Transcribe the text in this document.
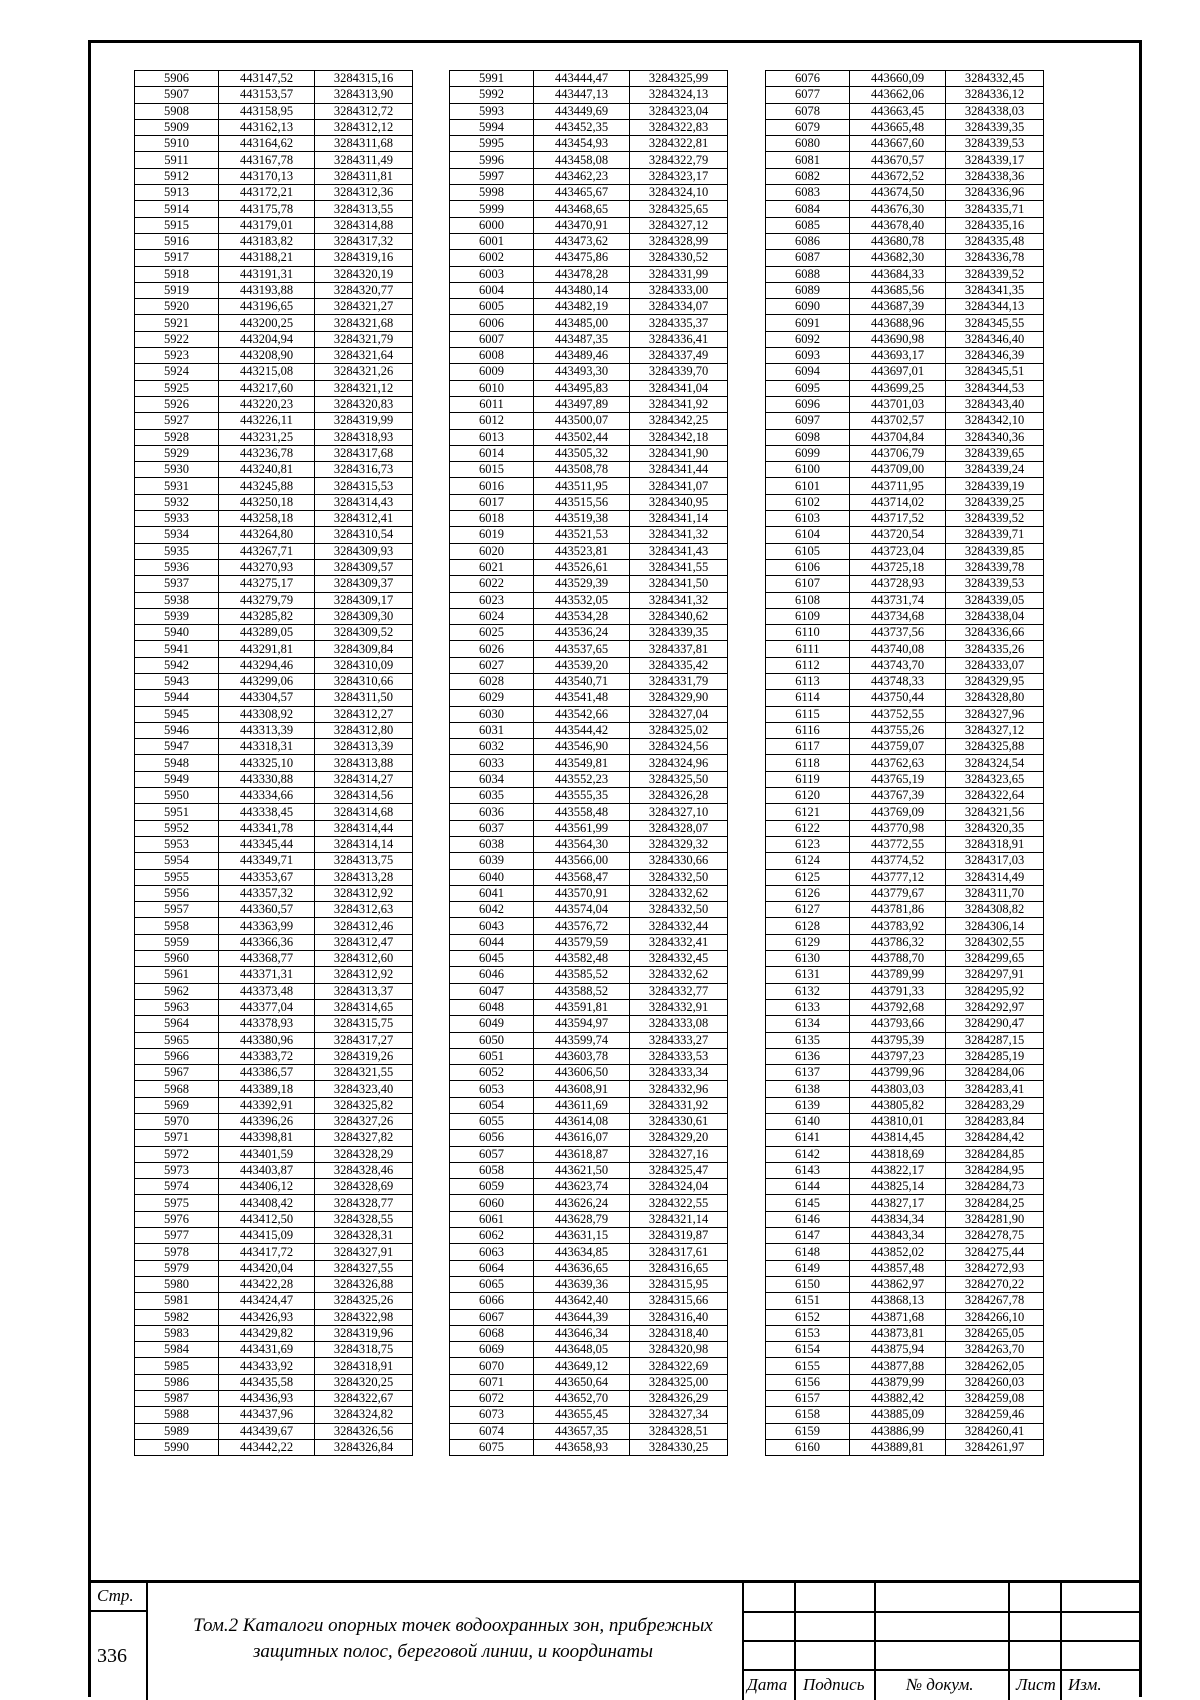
5906	443147,52	3284315,16
5907	443153,57	3284313,90
5908	443158,95	3284312,72
5909	443162,13	3284312,12
5910	443164,62	3284311,68
5911	443167,78	3284311,49
5912	443170,13	3284311,81
5913	443172,21	3284312,36
5914	443175,78	3284313,55
5915	443179,01	3284314,88
5916	443183,82	3284317,32
5917	443188,21	3284319,16
5918	443191,31	3284320,19
5919	443193,88	3284320,77
5920	443196,65	3284321,27
5921	443200,25	3284321,68
5922	443204,94	3284321,79
5923	443208,90	3284321,64
5924	443215,08	3284321,26
5925	443217,60	3284321,12
5926	443220,23	3284320,83
5927	443226,11	3284319,99
5928	443231,25	3284318,93
5929	443236,78	3284317,68
5930	443240,81	3284316,73
5931	443245,88	3284315,53
5932	443250,18	3284314,43
5933	443258,18	3284312,41
5934	443264,80	3284310,54
5935	443267,71	3284309,93
5936	443270,93	3284309,57
5937	443275,17	3284309,37
5938	443279,79	3284309,17
5939	443285,82	3284309,30
5940	443289,05	3284309,52
5941	443291,81	3284309,84
5942	443294,46	3284310,09
5943	443299,06	3284310,66
5944	443304,57	3284311,50
5945	443308,92	3284312,27
5946	443313,39	3284312,80
5947	443318,31	3284313,39
5948	443325,10	3284313,88
5949	443330,88	3284314,27
5950	443334,66	3284314,56
5951	443338,45	3284314,68
5952	443341,78	3284314,44
5953	443345,44	3284314,14
5954	443349,71	3284313,75
5955	443353,67	3284313,28
5956	443357,32	3284312,92
5957	443360,57	3284312,63
5958	443363,99	3284312,46
5959	443366,36	3284312,47
5960	443368,77	3284312,60
5961	443371,31	3284312,92
5962	443373,48	3284313,37
5963	443377,04	3284314,65
5964	443378,93	3284315,75
5965	443380,96	3284317,27
5966	443383,72	3284319,26
5967	443386,57	3284321,55
5968	443389,18	3284323,40
5969	443392,91	3284325,82
5970	443396,26	3284327,26
5971	443398,81	3284327,82
5972	443401,59	3284328,29
5973	443403,87	3284328,46
5974	443406,12	3284328,69
5975	443408,42	3284328,77
5976	443412,50	3284328,55
5977	443415,09	3284328,31
5978	443417,72	3284327,91
5979	443420,04	3284327,55
5980	443422,28	3284326,88
5981	443424,47	3284325,26
5982	443426,93	3284322,98
5983	443429,82	3284319,96
5984	443431,69	3284318,75
5985	443433,92	3284318,91
5986	443435,58	3284320,25
5987	443436,93	3284322,67
5988	443437,96	3284324,82
5989	443439,67	3284326,56
5990	443442,22	3284326,84
5991	443444,47	3284325,99
5992	443447,13	3284324,13
5993	443449,69	3284323,04
5994	443452,35	3284322,83
5995	443454,93	3284322,81
5996	443458,08	3284322,79
5997	443462,23	3284323,17
5998	443465,67	3284324,10
5999	443468,65	3284325,65
6000	443470,91	3284327,12
6001	443473,62	3284328,99
6002	443475,86	3284330,52
6003	443478,28	3284331,99
6004	443480,14	3284333,00
6005	443482,19	3284334,07
6006	443485,00	3284335,37
6007	443487,35	3284336,41
6008	443489,46	3284337,49
6009	443493,30	3284339,70
6010	443495,83	3284341,04
6011	443497,89	3284341,92
6012	443500,07	3284342,25
6013	443502,44	3284342,18
6014	443505,32	3284341,90
6015	443508,78	3284341,44
6016	443511,95	3284341,07
6017	443515,56	3284340,95
6018	443519,38	3284341,14
6019	443521,53	3284341,32
6020	443523,81	3284341,43
6021	443526,61	3284341,55
6022	443529,39	3284341,50
6023	443532,05	3284341,32
6024	443534,28	3284340,62
6025	443536,24	3284339,35
6026	443537,65	3284337,81
6027	443539,20	3284335,42
6028	443540,71	3284331,79
6029	443541,48	3284329,90
6030	443542,66	3284327,04
6031	443544,42	3284325,02
6032	443546,90	3284324,56
6033	443549,81	3284324,96
6034	443552,23	3284325,50
6035	443555,35	3284326,28
6036	443558,48	3284327,10
6037	443561,99	3284328,07
6038	443564,30	3284329,32
6039	443566,00	3284330,66
6040	443568,47	3284332,50
6041	443570,91	3284332,62
6042	443574,04	3284332,50
6043	443576,72	3284332,44
6044	443579,59	3284332,41
6045	443582,48	3284332,45
6046	443585,52	3284332,62
6047	443588,52	3284332,77
6048	443591,81	3284332,91
6049	443594,97	3284333,08
6050	443599,74	3284333,27
6051	443603,78	3284333,53
6052	443606,50	3284333,34
6053	443608,91	3284332,96
6054	443611,69	3284331,92
6055	443614,08	3284330,61
6056	443616,07	3284329,20
6057	443618,87	3284327,16
6058	443621,50	3284325,47
6059	443623,74	3284324,04
6060	443626,24	3284322,55
6061	443628,79	3284321,14
6062	443631,15	3284319,87
6063	443634,85	3284317,61
6064	443636,65	3284316,65
6065	443639,36	3284315,95
6066	443642,40	3284315,66
6067	443644,39	3284316,40
6068	443646,34	3284318,40
6069	443648,05	3284320,98
6070	443649,12	3284322,69
6071	443650,64	3284325,00
6072	443652,70	3284326,29
6073	443655,45	3284327,34
6074	443657,35	3284328,51
6075	443658,93	3284330,25
6076	443660,09	3284332,45
6077	443662,06	3284336,12
6078	443663,45	3284338,03
6079	443665,48	3284339,35
6080	443667,60	3284339,53
6081	443670,57	3284339,17
6082	443672,52	3284338,36
6083	443674,50	3284336,96
6084	443676,30	3284335,71
6085	443678,40	3284335,16
6086	443680,78	3284335,48
6087	443682,30	3284336,78
6088	443684,33	3284339,52
6089	443685,56	3284341,35
6090	443687,39	3284344,13
6091	443688,96	3284345,55
6092	443690,98	3284346,40
6093	443693,17	3284346,39
6094	443697,01	3284345,51
6095	443699,25	3284344,53
6096	443701,03	3284343,40
6097	443702,57	3284342,10
6098	443704,84	3284340,36
6099	443706,79	3284339,65
6100	443709,00	3284339,24
6101	443711,95	3284339,19
6102	443714,02	3284339,25
6103	443717,52	3284339,52
6104	443720,54	3284339,71
6105	443723,04	3284339,85
6106	443725,18	3284339,78
6107	443728,93	3284339,53
6108	443731,74	3284339,05
6109	443734,68	3284338,04
6110	443737,56	3284336,66
6111	443740,08	3284335,26
6112	443743,70	3284333,07
6113	443748,33	3284329,95
6114	443750,44	3284328,80
6115	443752,55	3284327,96
6116	443755,26	3284327,12
6117	443759,07	3284325,88
6118	443762,63	3284324,54
6119	443765,19	3284323,65
6120	443767,39	3284322,64
6121	443769,09	3284321,56
6122	443770,98	3284320,35
6123	443772,55	3284318,91
6124	443774,52	3284317,03
6125	443777,12	3284314,49
6126	443779,67	3284311,70
6127	443781,86	3284308,82
6128	443783,92	3284306,14
6129	443786,32	3284302,55
6130	443788,70	3284299,65
6131	443789,99	3284297,91
6132	443791,33	3284295,92
6133	443792,68	3284292,97
6134	443793,66	3284290,47
6135	443795,39	3284287,15
6136	443797,23	3284285,19
6137	443799,96	3284284,06
6138	443803,03	3284283,41
6139	443805,82	3284283,29
6140	443810,01	3284283,84
6141	443814,45	3284284,42
6142	443818,69	3284284,85
6143	443822,17	3284284,95
6144	443825,14	3284284,73
6145	443827,17	3284284,25
6146	443834,34	3284281,90
6147	443843,34	3284278,75
6148	443852,02	3284275,44
6149	443857,48	3284272,93
6150	443862,97	3284270,22
6151	443868,13	3284267,78
6152	443871,68	3284266,10
6153	443873,81	3284265,05
6154	443875,94	3284263,70
6155	443877,88	3284262,05
6156	443879,99	3284260,03
6157	443882,42	3284259,08
6158	443885,09	3284259,46
6159	443886,99	3284260,41
6160	443889,81	3284261,97
Стр.
336
Том.2 Каталоги опорных точек водоохранных зон, прибрежных
защитных полос, береговой линии, и координаты
Дата Подпись № докум. Лист Изм.
